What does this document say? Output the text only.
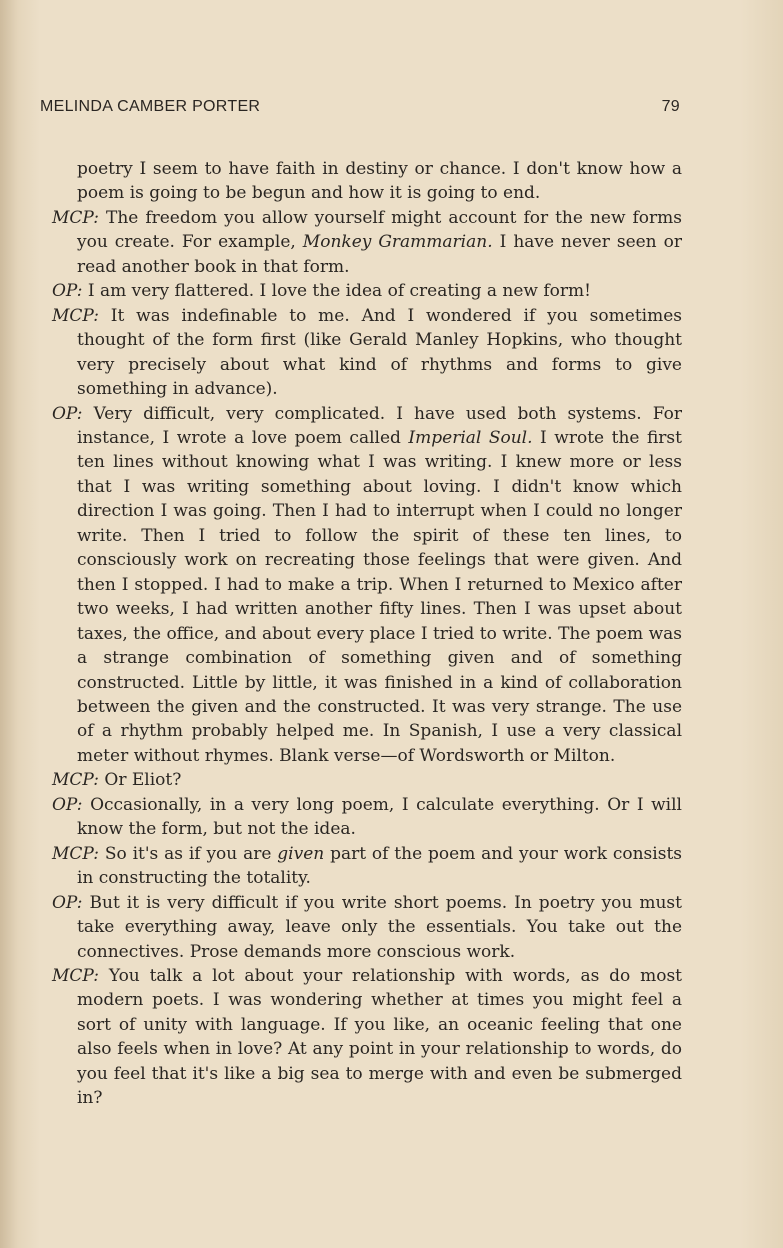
MELINDA CAMBER PORTER	79

poetry I seem to have faith in destiny or chance. I don't know how a poem is going to be begun and how it is going to end.

MCP: The freedom you allow yourself might account for the new forms you create. For example, Monkey Grammarian. I have never seen or read another book in that form.

OP: I am very flattered. I love the idea of creating a new form!

MCP: It was indefinable to me. And I wondered if you sometimes thought of the form first (like Gerald Manley Hopkins, who thought very precisely about what kind of rhythms and forms to give something in advance).

OP: Very difficult, very complicated. I have used both systems. For instance, I wrote a love poem called Imperial Soul. I wrote the first ten lines without knowing what I was writing. I knew more or less that I was writing something about loving. I didn't know which direction I was going. Then I had to interrupt when I could no longer write. Then I tried to follow the spirit of these ten lines, to consciously work on recreating those feelings that were given. And then I stopped. I had to make a trip. When I returned to Mexico after two weeks, I had written another fifty lines. Then I was upset about taxes, the office, and about every place I tried to write. The poem was a strange combination of something given and of something constructed. Little by little, it was finished in a kind of collaboration between the given and the constructed. It was very strange. The use of a rhythm probably helped me. In Spanish, I use a very classical meter without rhymes. Blank verse—of Wordsworth or Milton.

MCP: Or Eliot?

OP: Occasionally, in a very long poem, I calculate everything. Or I will know the form, but not the idea.

MCP: So it's as if you are given part of the poem and your work consists in constructing the totality.

OP: But it is very difficult if you write short poems. In poetry you must take everything away, leave only the essentials. You take out the connectives. Prose demands more conscious work.

MCP: You talk a lot about your relationship with words, as do most modern poets. I was wondering whether at times you might feel a sort of unity with language. If you like, an oceanic feeling that one also feels when in love? At any point in your relationship to words, do you feel that it's like a big sea to merge with and even be submerged in?
